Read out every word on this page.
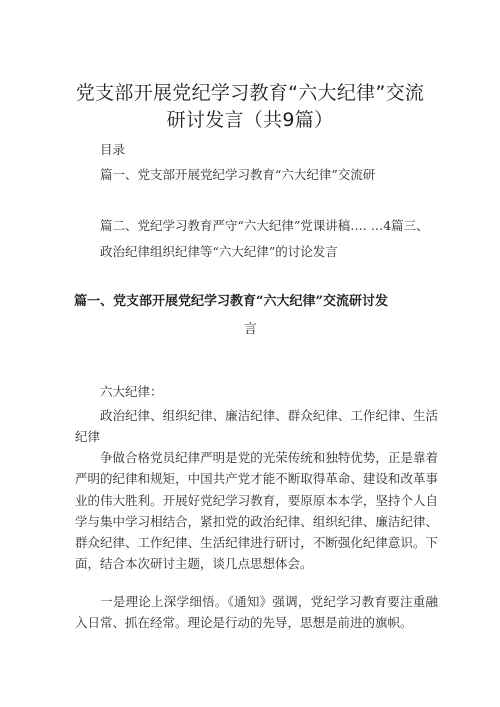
党支部开展党纪学习教育“六大纪律”交流
研讨发言（共9篇）
目录
篇一、党支部开展党纪学习教育“六大纪律”交流研
篇二、党纪学习教育严守“六大纪律”党课讲稿…. …4篇三、
政治纪律组织纪律等“六大纪律”的讨论发言
篇一、党支部开展党纪学习教育“六大纪律”交流研讨发
言
六大纪律：
政治纪律、组织纪律、廉洁纪律、群众纪律、工作纪律、生活纪律
争做合格党员纪律严明是党的光荣传统和独特优势，正是靠着严明的纪律和规矩，中国共产党才能不断取得革命、建设和改革事业的伟大胜利。开展好党纪学习教育，要原原本本学，坚持个人自学与集中学习相结合，紧扣党的政治纪律、组织纪律、廉洁纪律、群众纪律、工作纪律、生活纪律进行研讨，不断强化纪律意识。下面，结合本次研讨主题，谈几点思想体会。
一是理论上深学细悟。《通知》强调，党纪学习教育要注重融入日常、抓在经常。理论是行动的先导，思想是前进的旗帜。
